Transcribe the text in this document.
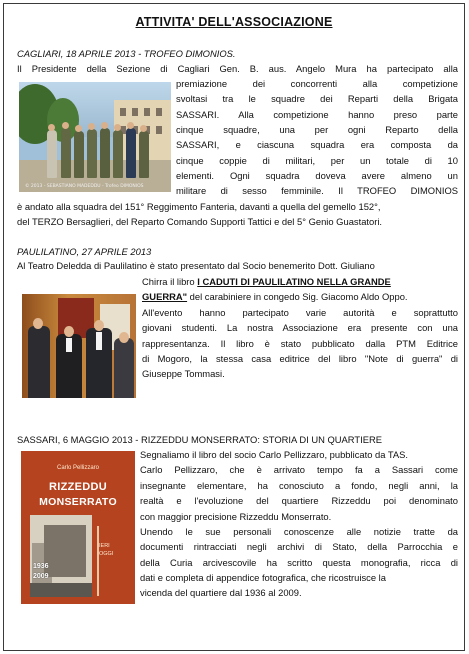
ATTIVITA' DELL'ASSOCIAZIONE
CAGLIARI, 18 APRILE 2013 - TROFEO DIMONIOS.
Il Presidente della Sezione di Cagliari Gen. B. aus. Angelo Mura ha partecipato alla
© 2013 - SEBASTIANO MADEDDU - Trofeo DIMONIOS
premiazione dei concorrenti alla competizione
svoltasi tra le squadre dei Reparti della Brigata
SASSARI. Alla competizione hanno preso parte
cinque squadre, una per ogni Reparto della
SASSARI, e ciascuna squadra era composta da
cinque coppie di militari, per un totale di 10
elementi. Ogni squadra doveva avere almeno un
militare di sesso femminile. Il TROFEO DIMONIOS
è andato alla squadra del 151° Reggimento Fanteria, davanti a quella del gemello 152°,
del TERZO Bersaglieri, del Reparto Comando Supporti Tattici e del 5° Genio Guastatori.
PAULILATINO, 27 APRILE 2013
Al Teatro Deledda di Paulilatino è stato presentato dal Socio benemerito Dott. Giuliano
Chirra il libro I CADUTI DI PAULILATINO NELLA GRANDE
GUERRA" del carabiniere in congedo Sig. Giacomo Aldo Oppo.
All'evento hanno partecipato varie autorità e soprattutto
giovani studenti. La nostra Associazione era presente con una
rappresentanza. Il libro è stato pubblicato dalla PTM Editrice
di Mogoro, la stessa casa editrice del libro "Note di guerra" di
Giuseppe Tommasi.
SASSARI, 6 MAGGIO 2013 - RIZZEDDU MONSERRATO: STORIA DI UN QUARTIERE
Carlo Pellizzaro
RIZZEDDU
MONSERRATO
IERI
OGGI
1936
2009
Segnaliamo il libro del socio Carlo Pellizzaro, pubblicato da TAS.
Carlo Pellizzaro, che è arrivato tempo fa a Sassari come
insegnante elementare, ha conosciuto a fondo, negli anni, la
realtà e l'evoluzione del quartiere Rizzeddu poi denominato
con maggior precisione Rizzeddu Monserrato.
Unendo le sue personali conoscenze alle notizie tratte da
documenti rintracciati negli archivi di Stato, della Parrocchia e
della Curia arcivescovile ha scritto questa monografia, ricca di
dati e completa di appendice fotografica, che ricostruisce la
vicenda del quartiere dal 1936 al 2009.
